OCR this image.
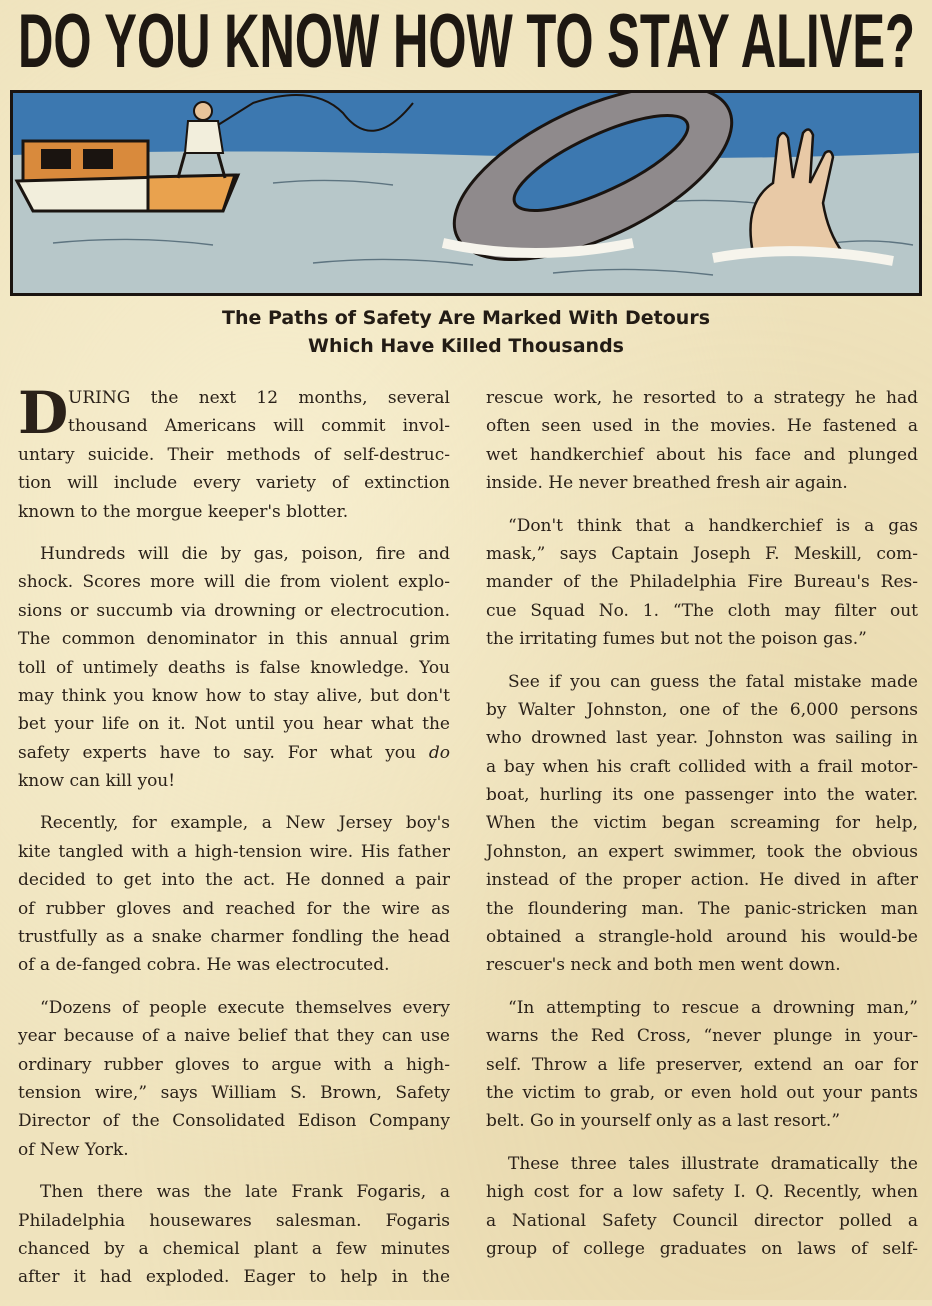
DO YOU KNOW HOW TO STAY ALIVE?
The Paths of Safety Are Marked With Detours
Which Have Killed Thousands
D URING the next 12 months, several
thousand Americans will commit invol-
untary suicide. Their methods of self-destruc-
tion will include every variety of extinction
known to the morgue keeper's blotter.
Hundreds will die by gas, poison, fire and
shock. Scores more will die from violent explo-
sions or succumb via drowning or electrocution.
The common denominator in this annual grim
toll of untimely deaths is false knowledge. You
may think you know how to stay alive, but don't
bet your life on it. Not until you hear what the
safety experts have to say. For what you do
know can kill you!
Recently, for example, a New Jersey boy's
kite tangled with a high-tension wire. His father
decided to get into the act. He donned a pair
of rubber gloves and reached for the wire as
trustfully as a snake charmer fondling the head
of a de-fanged cobra. He was electrocuted.
“Dozens of people execute themselves every
year because of a naive belief that they can use
ordinary rubber gloves to argue with a high-
tension wire,” says William S. Brown, Safety
Director of the Consolidated Edison Company
of New York.
Then there was the late Frank Fogaris, a
Philadelphia housewares salesman. Fogaris
chanced by a chemical plant a few minutes
after it had exploded. Eager to help in the
rescue work, he resorted to a strategy he had
often seen used in the movies. He fastened a
wet handkerchief about his face and plunged
inside. He never breathed fresh air again.
“Don't think that a handkerchief is a gas
mask,” says Captain Joseph F. Meskill, com-
mander of the Philadelphia Fire Bureau's Res-
cue Squad No. 1. “The cloth may filter out
the irritating fumes but not the poison gas.”
See if you can guess the fatal mistake made
by Walter Johnston, one of the 6,000 persons
who drowned last year. Johnston was sailing in
a bay when his craft collided with a frail motor-
boat, hurling its one passenger into the water.
When the victim began screaming for help,
Johnston, an expert swimmer, took the obvious
instead of the proper action. He dived in after
the floundering man. The panic-stricken man
obtained a strangle-hold around his would-be
rescuer's neck and both men went down.
“In attempting to rescue a drowning man,”
warns the Red Cross, “never plunge in your-
self. Throw a life preserver, extend an oar for
the victim to grab, or even hold out your pants
belt. Go in yourself only as a last resort.”
These three tales illustrate dramatically the
high cost for a low safety I. Q. Recently, when
a National Safety Council director polled a
group of college graduates on laws of self-
